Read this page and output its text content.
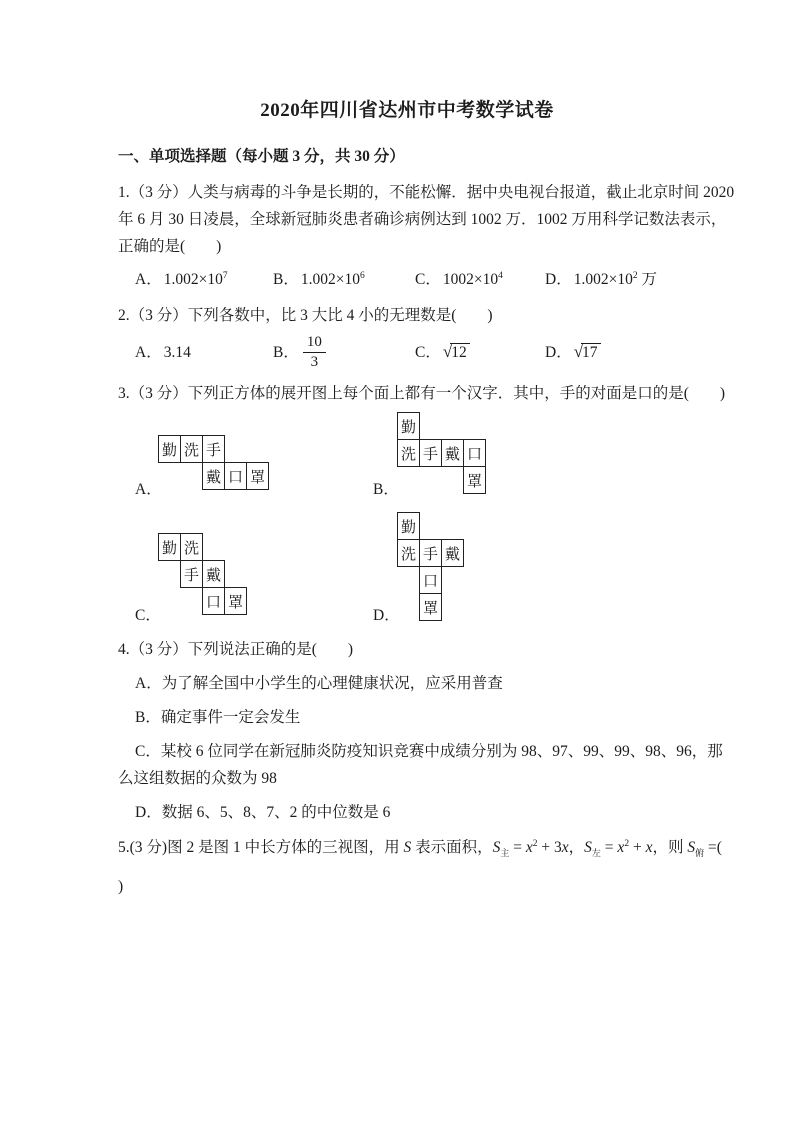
2020年四川省达州市中考数学试卷
一、单项选择题（每小题 3 分，共 30 分）
1.（3 分）人类与病毒的斗争是长期的，不能松懈．据中央电视台报道，截止北京时间 2020
年 6 月 30 日凌晨，全球新冠肺炎患者确诊病例达到 1002 万．1002 万用科学记数法表示，
正确的是(　　)
A． $1.002\times 10^7$	B． $1.002\times 10^6$	C． $1002\times 10^4$	D． $1.002\times 10^2$ 万
2.（3 分）下列各数中，比 3 大比 4 小的无理数是(　　)
A． 3.14	B． $\frac{10}{3}$	C． √ 12	D． √ 17
3.（3 分）下列正方体的展开图上每个面上都有一个汉字．其中，手的对面是口的是(　　)
A．
勤 洗 手
戴 口 罩
B．
勤
洗 手 戴 口
罩
C．
勤 洗
手 戴
口 罩
D．
勤
洗 手 戴
口
罩
4.（3 分）下列说法正确的是(　　)
A．为了解全国中小学生的心理健康状况，应采用普查
B．确定事件一定会发生
C．某校 6 位同学在新冠肺炎防疫知识竞赛中成绩分别为 98、97、99、99、98、96，那
么这组数据的众数为 98
D．数据 6、5、8、7、2 的中位数是 6
5.(3 分)图 2 是图 1 中长方体的三视图，用 S 表示面积，$S_主 = x^2 + 3x$，$S_左 = x^2 + x$，则 $S_俯$ =(
)
